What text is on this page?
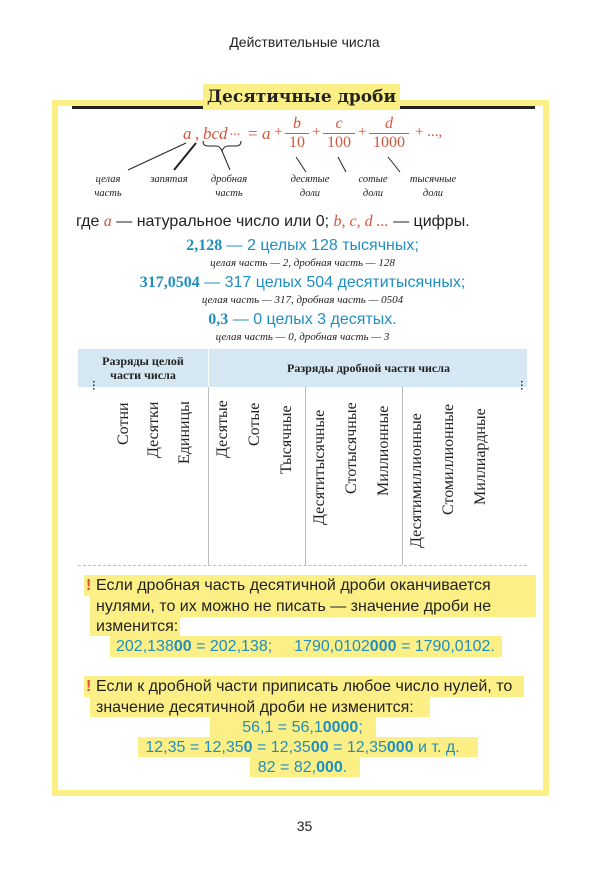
Действительные числа
Десятичные дроби
a , bcd ... = $a + \frac{b}{10} + \frac{c}{100} + \frac{d}{1000}$ + ...,
целая
часть
запятая	дробная
часть
десятые
доли
сотые
доли
тысячные
доли
где a — натуральное число или 0; b, c, d ... — цифры.
2,128 — 2 целых 128 тысячных;
целая часть — 2, дробная часть — 128
317,0504 — 317 целых 504 десятитысячных;
целая часть — 317, дробная часть — 0504
0,3 — 0 целых 3 десятых.
целая часть — 0, дробная часть — 3
Разряды целой
части числа	Разряды дробной части числа
...	...
Сотни Десятки Единицы Десятые Сотые Тысячные Десятитысячные Стотысячные Миллионные Десятимиллионные Стомиллионные Миллиардные
! Если дробная часть десятичной дроби оканчивается
нулями, то их можно не писать — значение дроби не
изменится:
202,13800 = 202,138; 1790,0102000 = 1790,0102.
! Если к дробной части приписать любое число нулей, то
значение десятичной дроби не изменится:
56,1 = 56,10000;
12,35 = 12,350 = 12,3500 = 12,35000 и т. д.
82 = 82,000.
35
